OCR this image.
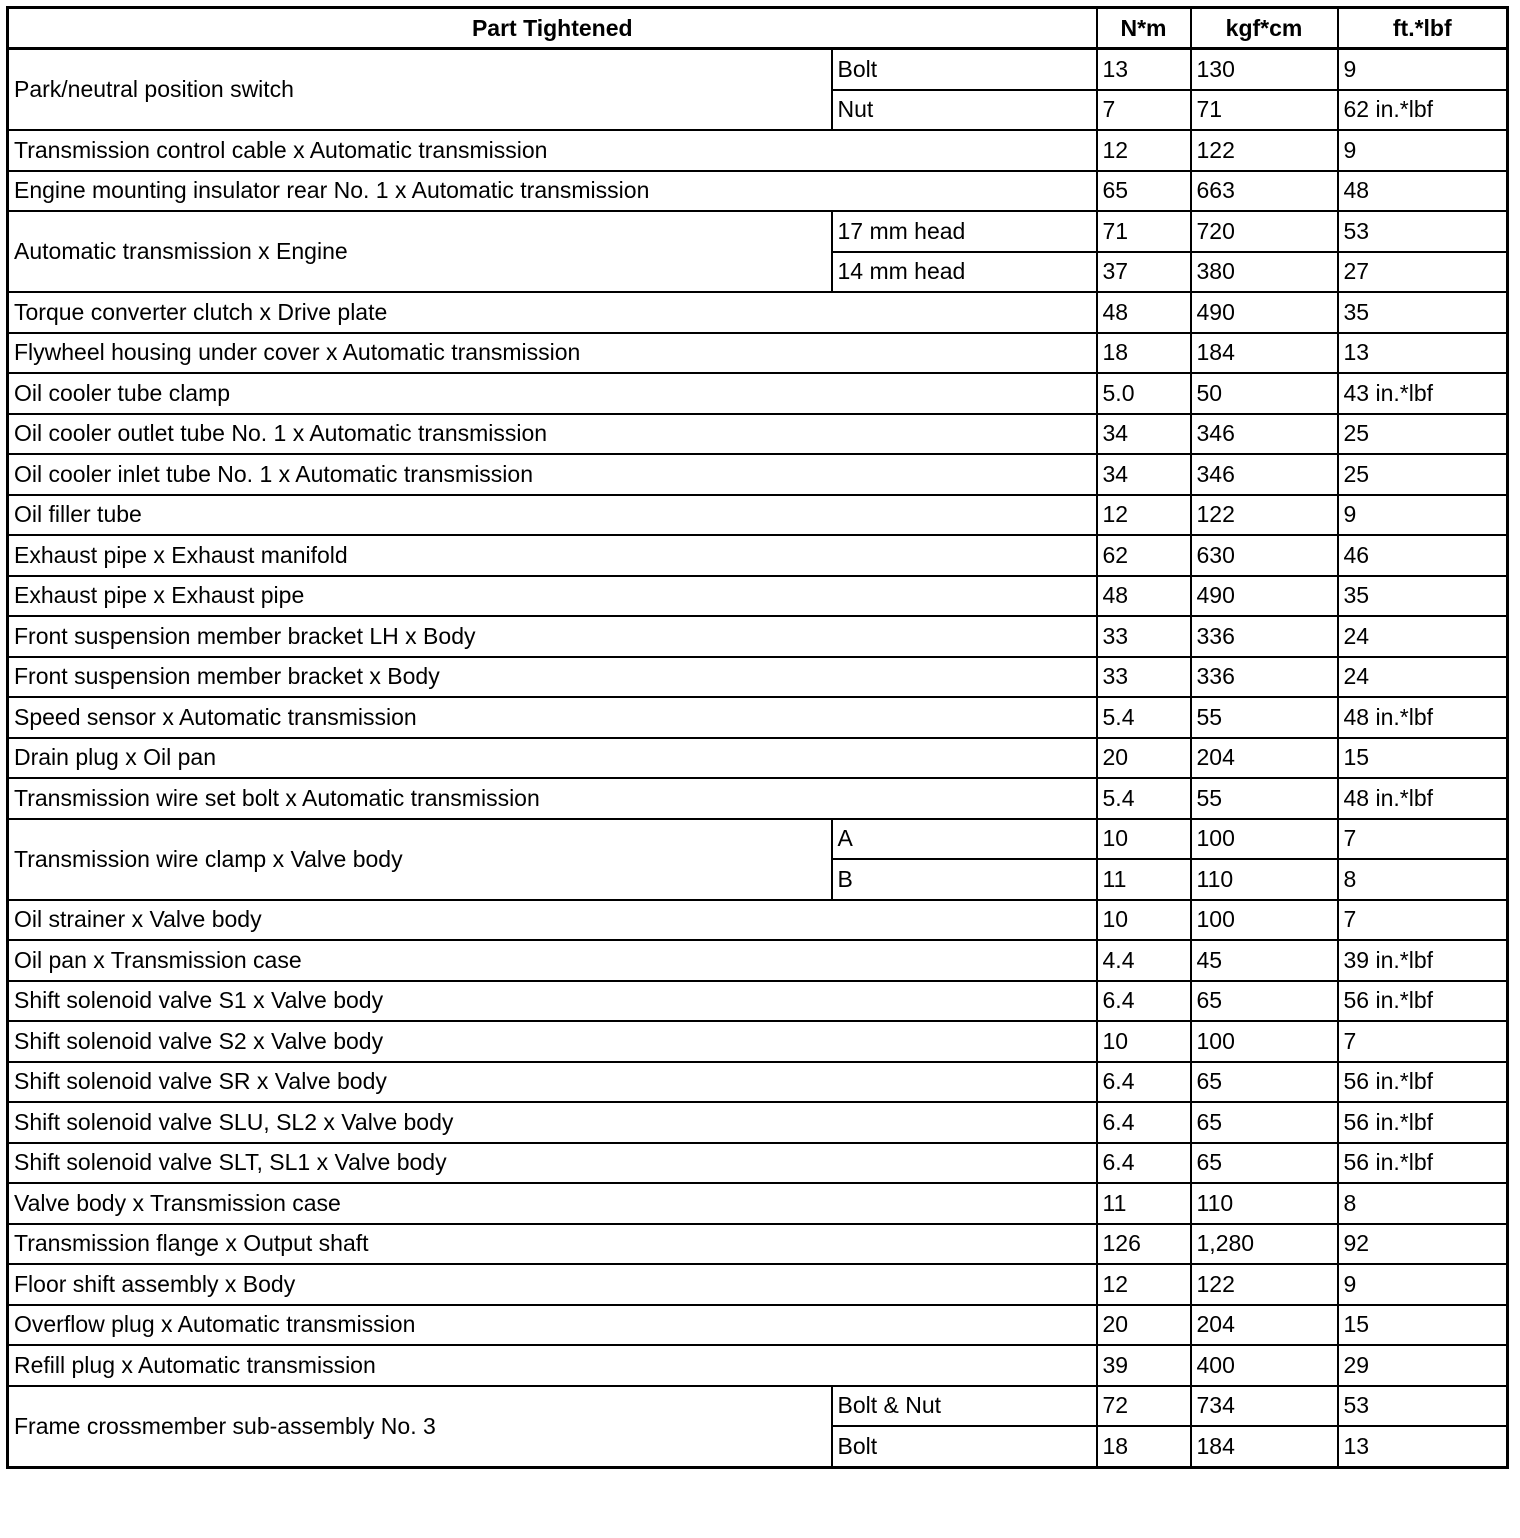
Part Tightened		N*m	kgf*cm	ft.*lbf
Park/neutral position switch	Bolt	13	130	9
	Nut	7	71	62 in.*lbf
Transmission control cable x Automatic transmission		12	122	9
Engine mounting insulator rear No. 1 x Automatic transmission		65	663	48
Automatic transmission x Engine	17 mm head	71	720	53
	14 mm head	37	380	27
Torque converter clutch x Drive plate		48	490	35
Flywheel housing under cover x Automatic transmission		18	184	13
Oil cooler tube clamp		5.0	50	43 in.*lbf
Oil cooler outlet tube No. 1 x Automatic transmission		34	346	25
Oil cooler inlet tube No. 1 x Automatic transmission		34	346	25
Oil filler tube		12	122	9
Exhaust pipe x Exhaust manifold		62	630	46
Exhaust pipe x Exhaust pipe		48	490	35
Front suspension member bracket LH x Body		33	336	24
Front suspension member bracket x Body		33	336	24
Speed sensor x Automatic transmission		5.4	55	48 in.*lbf
Drain plug x Oil pan		20	204	15
Transmission wire set bolt x Automatic transmission		5.4	55	48 in.*lbf
Transmission wire clamp x Valve body	A	10	100	7
	B	11	110	8
Oil strainer x Valve body		10	100	7
Oil pan x Transmission case		4.4	45	39 in.*lbf
Shift solenoid valve S1 x Valve body		6.4	65	56 in.*lbf
Shift solenoid valve S2 x Valve body		10	100	7
Shift solenoid valve SR x Valve body		6.4	65	56 in.*lbf
Shift solenoid valve SLU, SL2 x Valve body		6.4	65	56 in.*lbf
Shift solenoid valve SLT, SL1 x Valve body		6.4	65	56 in.*lbf
Valve body x Transmission case		11	110	8
Transmission flange x Output shaft		126	1,280	92
Floor shift assembly x Body		12	122	9
Overflow plug x Automatic transmission		20	204	15
Refill plug x Automatic transmission		39	400	29
Frame crossmember sub-assembly No. 3	Bolt & Nut	72	734	53
	Bolt	18	184	13
